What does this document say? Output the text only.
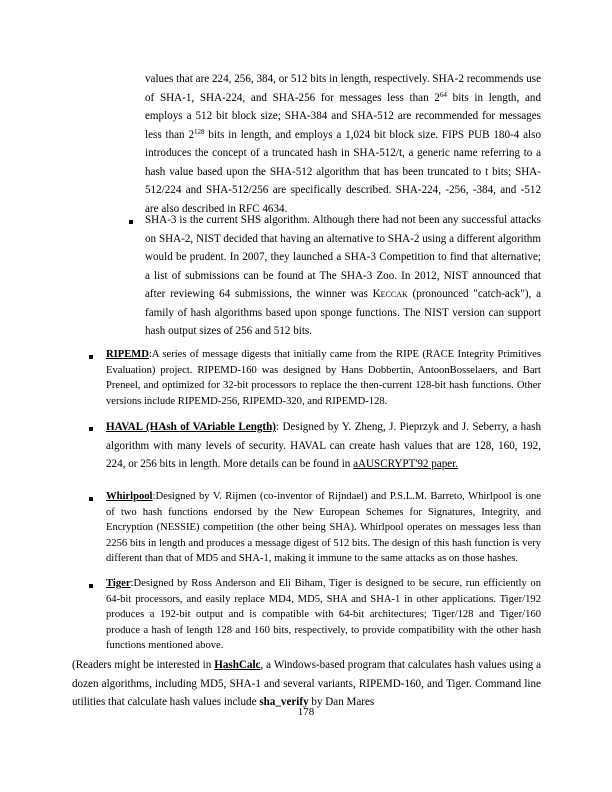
values that are 224, 256, 384, or 512 bits in length, respectively. SHA-2 recommends use of SHA-1, SHA-224, and SHA-256 for messages less than $2^{64}$ bits in length, and employs a 512 bit block size; SHA-384 and SHA-512 are recommended for messages less than $2^{128}$ bits in length, and employs a 1,024 bit block size. FIPS PUB 180-4 also introduces the concept of a truncated hash in SHA-512/t, a generic name referring to a hash value based upon the SHA-512 algorithm that has been truncated to t bits; SHA-512/224 and SHA-512/256 are specifically described. SHA-224, -256, -384, and -512 are also described in RFC 4634.

SHA-3 is the current SHS algorithm. Although there had not been any successful attacks on SHA-2, NIST decided that having an alternative to SHA-2 using a different algorithm would be prudent. In 2007, they launched a SHA-3 Competition to find that alternative; a list of submissions can be found at The SHA-3 Zoo. In 2012, NIST announced that after reviewing 64 submissions, the winner was Keccak (pronounced "catch-ack"), a family of hash algorithms based upon sponge functions. The NIST version can support hash output sizes of 256 and 512 bits.

RIPEMD:A series of message digests that initially came from the RIPE (RACE Integrity Primitives Evaluation) project. RIPEMD-160 was designed by Hans Dobbertin, AntoonBosselaers, and Bart Preneel, and optimized for 32-bit processors to replace the then-current 128-bit hash functions. Other versions include RIPEMD-256, RIPEMD-320, and RIPEMD-128.

HAVAL (HAsh of VAriable Length): Designed by Y. Zheng, J. Pieprzyk and J. Seberry, a hash algorithm with many levels of security. HAVAL can create hash values that are 128, 160, 192, 224, or 256 bits in length. More details can be found in aAUSCRYPT'92 paper.

Whirlpool:Designed by V. Rijmen (co-inventor of Rijndael) and P.S.L.M. Barreto, Whirlpool is one of two hash functions endorsed by the New European Schemes for Signatures, Integrity, and Encryption (NESSIE) competition (the other being SHA). Whirlpool operates on messages less than 2256 bits in length and produces a message digest of 512 bits. The design of this hash function is very different than that of MD5 and SHA-1, making it immune to the same attacks as on those hashes.

Tiger:Designed by Ross Anderson and Eli Biham, Tiger is designed to be secure, run efficiently on 64-bit processors, and easily replace MD4, MD5, SHA and SHA-1 in other applications. Tiger/192 produces a 192-bit output and is compatible with 64-bit architectures; Tiger/128 and Tiger/160 produce a hash of length 128 and 160 bits, respectively, to provide compatibility with the other hash functions mentioned above.

(Readers might be interested in HashCalc, a Windows-based program that calculates hash values using a dozen algorithms, including MD5, SHA-1 and several variants, RIPEMD-160, and Tiger. Command line utilities that calculate hash values include sha_verify by Dan Mares

178
